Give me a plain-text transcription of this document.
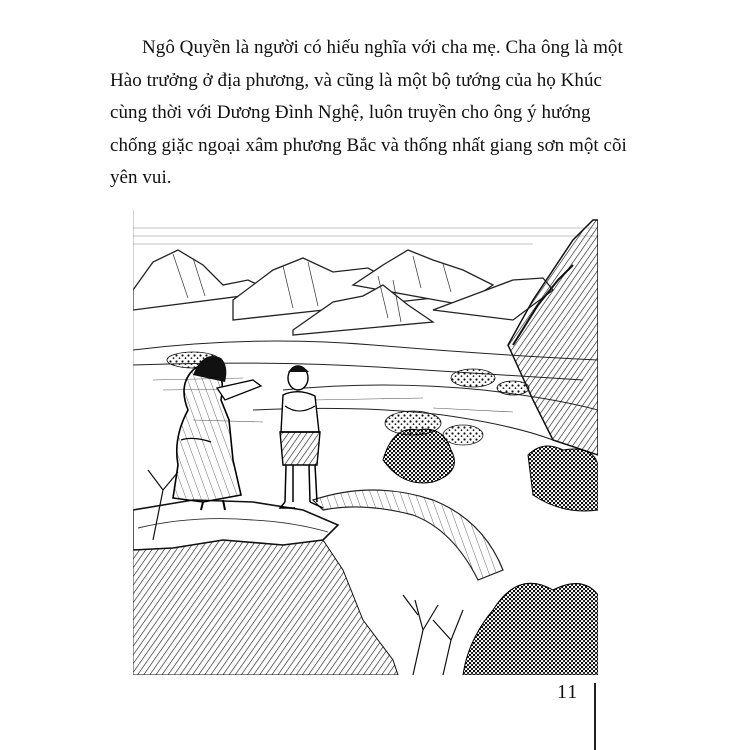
Ngô Quyền là người có hiếu nghĩa với cha mẹ. Cha ông là một Hào trưởng ở địa phương, và cũng là một bộ tướng của họ Khúc cùng thời với Dương Đình Nghệ, luôn truyền cho ông ý hướng chống giặc ngoại xâm phương Bắc và thống nhất giang sơn một cõi yên vui.

11
